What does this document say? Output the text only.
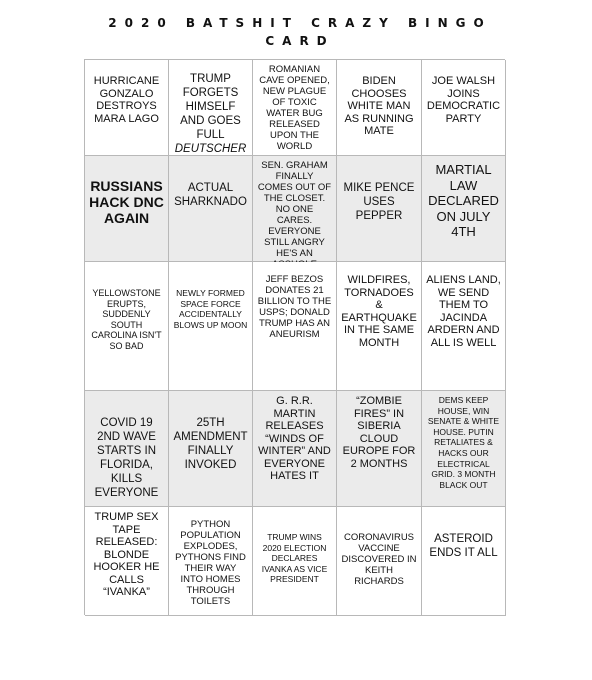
2020 BATSHIT CRAZY BINGO
CARD
HURRICANE GONZALO DESTROYS MARA LAGO
TRUMP FORGETS HIMSELF AND GOES FULL
DEUTSCHER
ROMANIAN CAVE OPENED, NEW PLAGUE OF TOXIC WATER BUG RELEASED UPON THE WORLD
BIDEN CHOOSES WHITE MAN AS RUNNING MATE
JOE WALSH JOINS DEMOCRATIC PARTY
RUSSIANS HACK DNC AGAIN
ACTUAL SHARKNADO
SEN. GRAHAM FINALLY COMES OUT OF THE CLOSET. NO ONE CARES. EVERYONE STILL ANGRY HE'S AN
MIKE PENCE USES PEPPER
MARTIAL LAW DECLARED ON JULY 4TH
YELLOWSTONE ERUPTS, SUDDENLY SOUTH CAROLINA ISN'T SO BAD
NEWLY FORMED SPACE FORCE ACCIDENTALLY BLOWS UP MOON
JEFF BEZOS DONATES 21 BILLION TO THE USPS; DONALD TRUMP HAS AN ANEURISM
WILDFIRES, TORNADOES & EARTHQUAKE IN THE SAME MONTH
ALIENS LAND, WE SEND THEM TO JACINDA ARDERN AND ALL IS WELL
COVID 19 2ND WAVE STARTS IN FLORIDA, KILLS EVERYONE
25TH AMENDMENT FINALLY INVOKED
G. R.R. MARTIN RELEASES “WINDS OF WINTER” AND EVERYONE HATES IT
“ZOMBIE FIRES” IN SIBERIA CLOUD EUROPE FOR 2 MONTHS
DEMS KEEP HOUSE, WIN SENATE & WHITE HOUSE. PUTIN RETALIATES & HACKS OUR ELECTRICAL GRID. 3 MONTH BLACK OUT
TRUMP SEX TAPE RELEASED: BLONDE HOOKER HE CALLS “IVANKA”
PYTHON POPULATION EXPLODES, PYTHONS FIND THEIR WAY INTO HOMES THROUGH TOILETS
TRUMP WINS 2020 ELECTION DECLARES IVANKA AS VICE PRESIDENT
CORONAVIRUS VACCINE DISCOVERED IN KEITH RICHARDS
ASTEROID ENDS IT ALL
